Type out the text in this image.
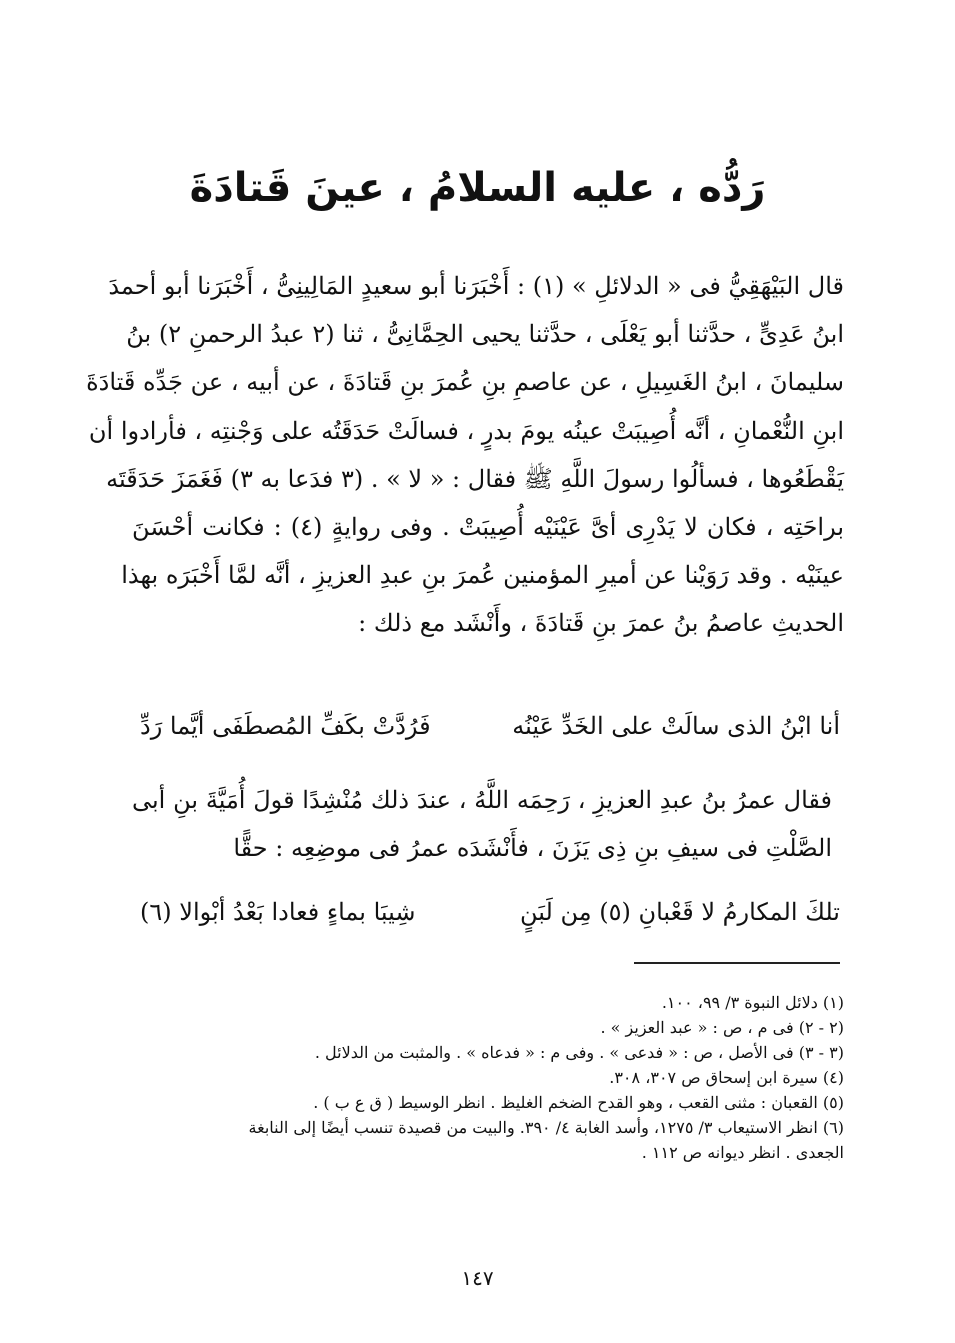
رَدُّه ، عليه السلامُ ، عينَ قَتادَةَ
قال البَيْهَقِيُّ فى « الدلائلِ » (١) : أَخْبَرَنا أبو سعيدٍ المَالِينِىُّ ، أَخْبَرَنا أبو أحمدَ
ابنُ عَدِىٍّ ، حدَّثنا أبو يَعْلَى ، حدَّثنا يحيى الحِمَّانِىُّ ، ثنا (٢ عبدُ الرحمنِ ٢) بنُ
سليمانَ ، ابنُ الغَسِيلِ ، عن عاصمِ بنِ عُمرَ بنِ قَتادَةَ ، عن أبيه ، عن جَدِّه قَتادَةَ
ابنِ النُّعْمانِ ، أنَّه أُصِيبَتْ عينُه يومَ بدرٍ ، فسالَتْ حَدَقَتُه على وَجْنتِه ، فأرادوا أن
يَقْطَعُوها ، فسألُوا رسولَ اللَّهِ ﷺ فقال : « لا » . (٣ فدَعا به ٣) فَغَمَزَ حَدَقَتَه
براحَتِه ، فكان لا يَدْرِى أىَّ عَيْنَيْه أُصِيبَتْ . وفى روايةٍ (٤) : فكانت أحْسَنَ
عينَيْه . وقد رَوَيْنا عن أميرِ المؤمنين عُمرَ بنِ عبدِ العزيزِ ، أنَّه لمَّا أَخْبَرَه بهذا
الحديثِ عاصمُ بنُ عمرَ بنِ قَتادَةَ ، وأَنْشَد مع ذلك :
أنا ابْنُ الذى سالَتْ على الخَدِّ عَيْنُه
فَرُدَّتْ بكَفِّ المُصطَفَى أيَّما رَدِّ
فقال عمرُ بنُ عبدِ العزيزِ ، رَحِمَه اللَّهُ ، عندَ ذلك مُنْشِدًا قولَ أُمَيَّةَ بنِ أبى
الصَّلْتِ فى سيفِ بنِ ذِى يَزَنَ ، فأَنْشَدَه عمرُ فى موضِعِه : حقًّا
تلكَ المكارمُ لا قَعْبانِ (٥) مِن لَبَنٍ
شِيبَا بماءٍ فعادا بَعْدُ أبْوالا (٦)
(١) دلائل النبوة ٣/ ٩٩، ١٠٠.
(٢ - ٢) فى م ، ص : « عبد العزيز » .
(٣ - ٣) فى الأصل ، ص : « فدعى » . وفى م : « فدعاه » . والمثبت من الدلائل .
(٤) سيرة ابن إسحاق ص ٣٠٧، ٣٠٨.
(٥) القعبان : مثنى القعب ، وهو القدح الضخم الغليظ . انظر الوسيط ( ق ع ب ) .
(٦) انظر الاستيعاب ٣/ ١٢٧٥، وأسد الغابة ٤/ ٣٩٠. والبيت من قصيدة تنسب أيضًا إلى النابغة
الجعدى . انظر ديوانه ص ١١٢ .
١٤٧
